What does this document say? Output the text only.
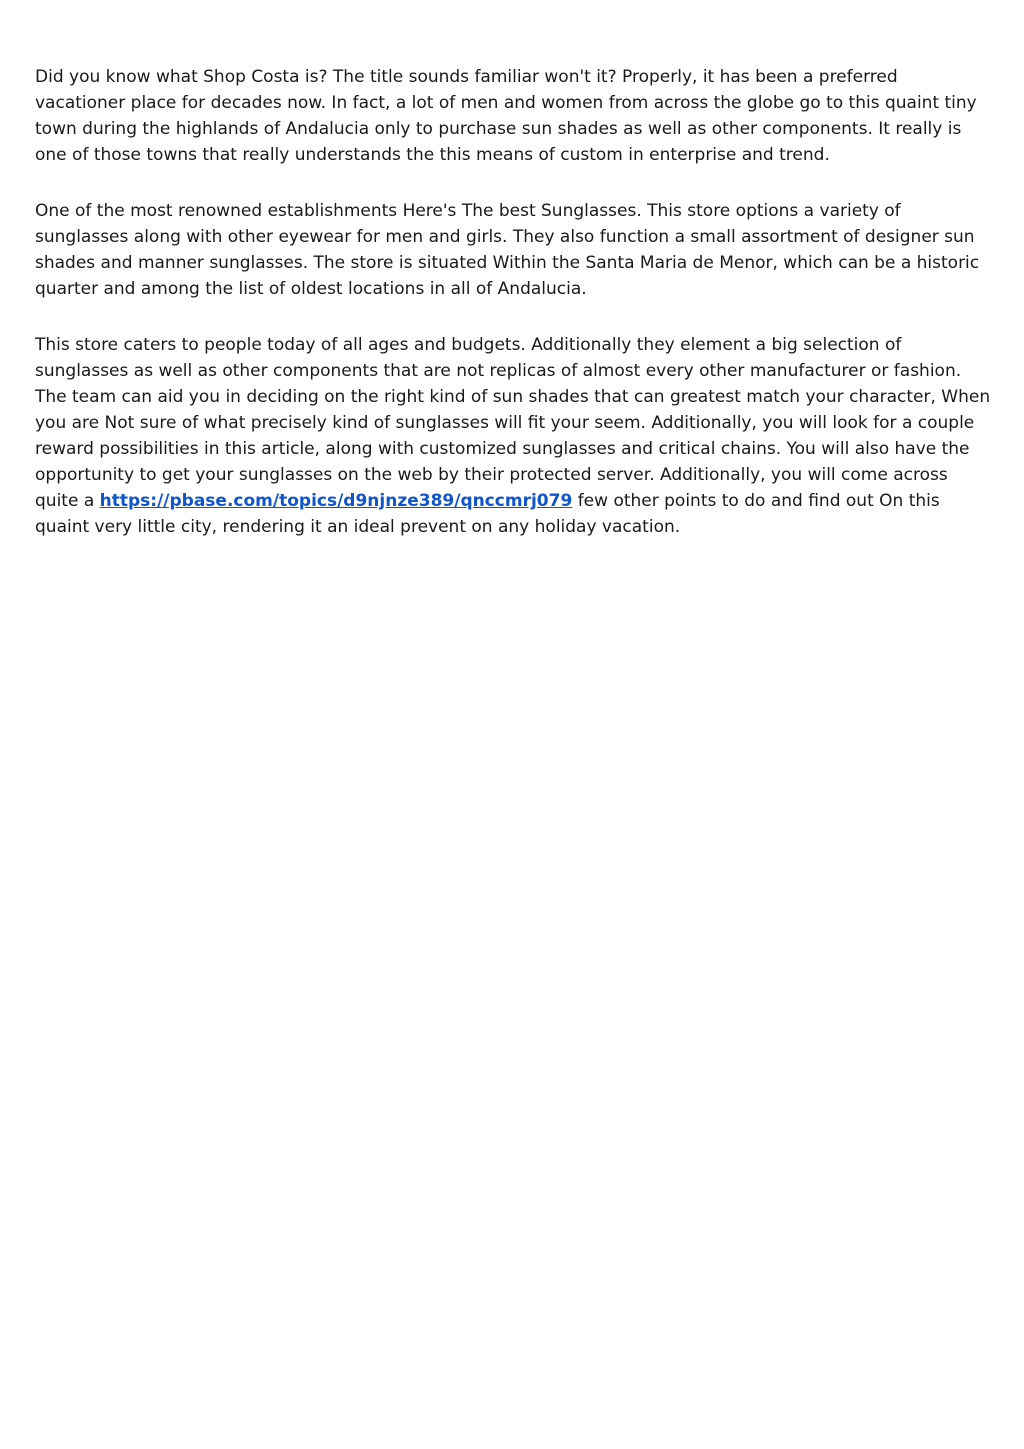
Did you know what Shop Costa is? The title sounds familiar won't it? Properly, it has been a preferred vacationer place for decades now. In fact, a lot of men and women from across the globe go to this quaint tiny town during the highlands of Andalucia only to purchase sun shades as well as other components. It really is one of those towns that really understands the this means of custom in enterprise and trend.

One of the most renowned establishments Here's The best Sunglasses. This store options a variety of sunglasses along with other eyewear for men and girls. They also function a small assortment of designer sun shades and manner sunglasses. The store is situated Within the Santa Maria de Menor, which can be a historic quarter and among the list of oldest locations in all of Andalucia.

This store caters to people today of all ages and budgets. Additionally they element a big selection of sunglasses as well as other components that are not replicas of almost every other manufacturer or fashion. The team can aid you in deciding on the right kind of sun shades that can greatest match your character, When you are Not sure of what precisely kind of sunglasses will fit your seem. Additionally, you will look for a couple reward possibilities in this article, along with customized sunglasses and critical chains. You will also have the opportunity to get your sunglasses on the web by their protected server. Additionally, you will come across quite a https://pbase.com/topics/d9njnze389/qnccmrj079 few other points to do and find out On this quaint very little city, rendering it an ideal prevent on any holiday vacation.
